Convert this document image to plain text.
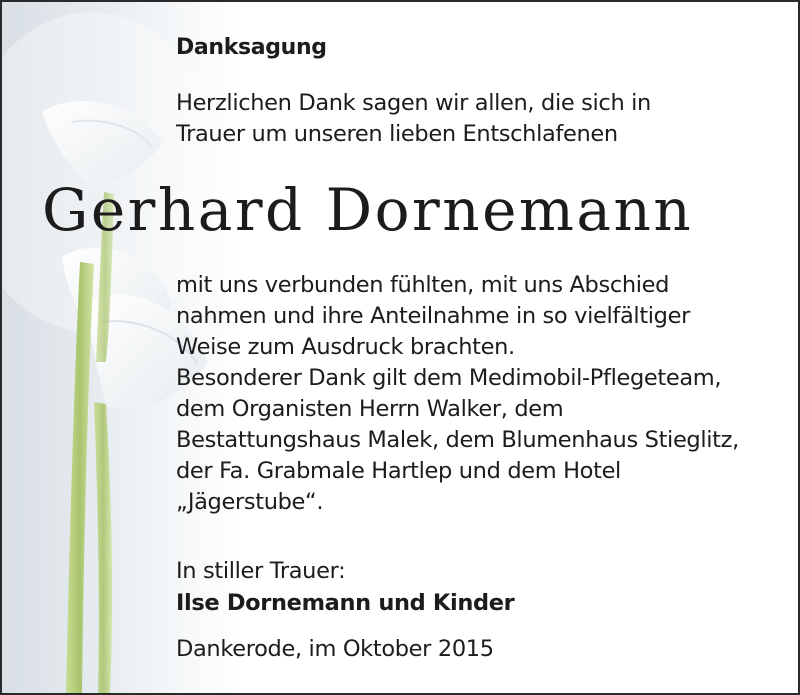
Danksagung
Herzlichen Dank sagen wir allen, die sich in
Trauer um unseren lieben Entschlafenen
Gerhard Dornemann
mit uns verbunden fühlten, mit uns Abschied
nahmen und ihre Anteilnahme in so vielfältiger
Weise zum Ausdruck brachten.
Besonderer Dank gilt dem Medimobil-Pflegeteam,
dem Organisten Herrn Walker, dem
Bestattungshaus Malek, dem Blumenhaus Stieglitz,
der Fa. Grabmale Hartlep und dem Hotel
„Jägerstube“.
In stiller Trauer:
Ilse Dornemann und Kinder
Dankerode, im Oktober 2015
